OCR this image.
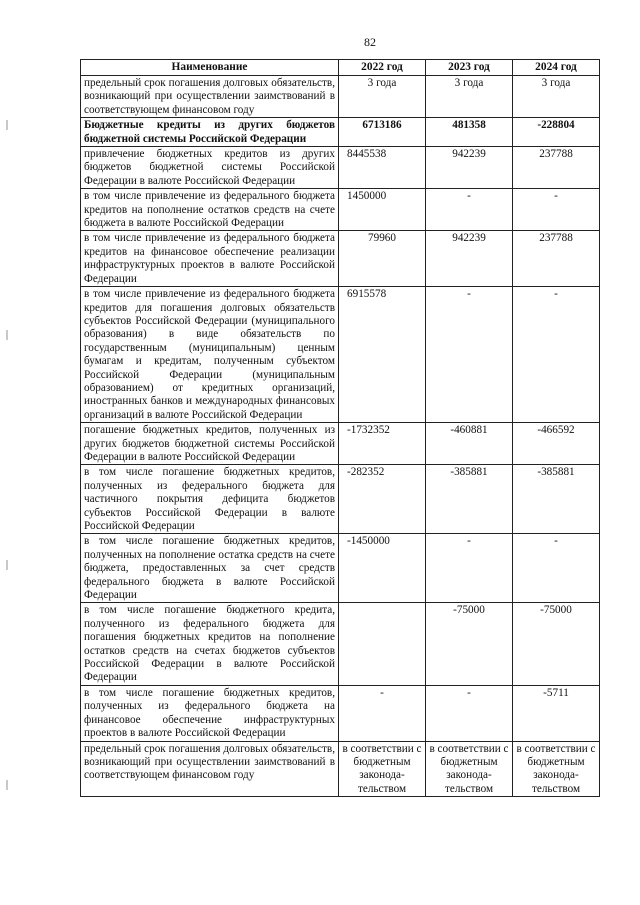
82
Наименование	2022 год	2023 год	2024 год
предельный срок погашения долговых обязательств, возникающий при осуществлении заимствований в соответствующем финансовом году	3 года	3 года	3 года
Бюджетные кредиты из других бюджетов бюджетной системы Российской Федерации	6713186	481358	-228804
привлечение бюджетных кредитов из других бюджетов бюджетной системы Российской Федерации в валюте Российской Федерации	8445538	942239	237788
в том числе привлечение из федерального бюджета кредитов на пополнение остатков средств на счете бюджета в валюте Российской Федерации	1450000	-	-
в том числе привлечение из федерального бюджета кредитов на финансовое обеспечение реализации инфраструктурных проектов в валюте Российской Федерации	79960	942239	237788
в том числе привлечение из федерального бюджета кредитов для погашения долговых обязательств субъектов Российской Федерации (муниципального образования) в виде обязательств по государственным (муниципальным) ценным бумагам и кредитам, полученным субъектом Российской Федерации (муниципальным образованием) от кредитных организаций, иностранных банков и международных финансовых организаций в валюте Российской Федерации	6915578	-	-
погашение бюджетных кредитов, полученных из других бюджетов бюджетной системы Российской Федерации в валюте Российской Федерации	-1732352	-460881	-466592
в том числе погашение бюджетных кредитов, полученных из федерального бюджета для частичного покрытия дефицита бюджетов субъектов Российской Федерации в валюте Российской Федерации	-282352	-385881	-385881
в том числе погашение бюджетных кредитов, полученных на пополнение остатка средств на счете бюджета, предоставленных за счет средств федерального бюджета в валюте Российской Федерации	-1450000	-	-
в том числе погашение бюджетного кредита, полученного из федерального бюджета для погашения бюджетных кредитов на пополнение остатков средств на счетах бюджетов субъектов Российской Федерации в валюте Российской Федерации		-75000	-75000
в том числе погашение бюджетных кредитов, полученных из федерального бюджета на финансовое обеспечение инфраструктурных проектов в валюте Российской Федерации	-	-	-5711
предельный срок погашения долговых обязательств, возникающий при осуществлении заимствований в соответствующем финансовом году	в соответствии с бюджетным законода-тельством	в соответствии с бюджетным законода-тельством	в соответствии с бюджетным законода-тельством
